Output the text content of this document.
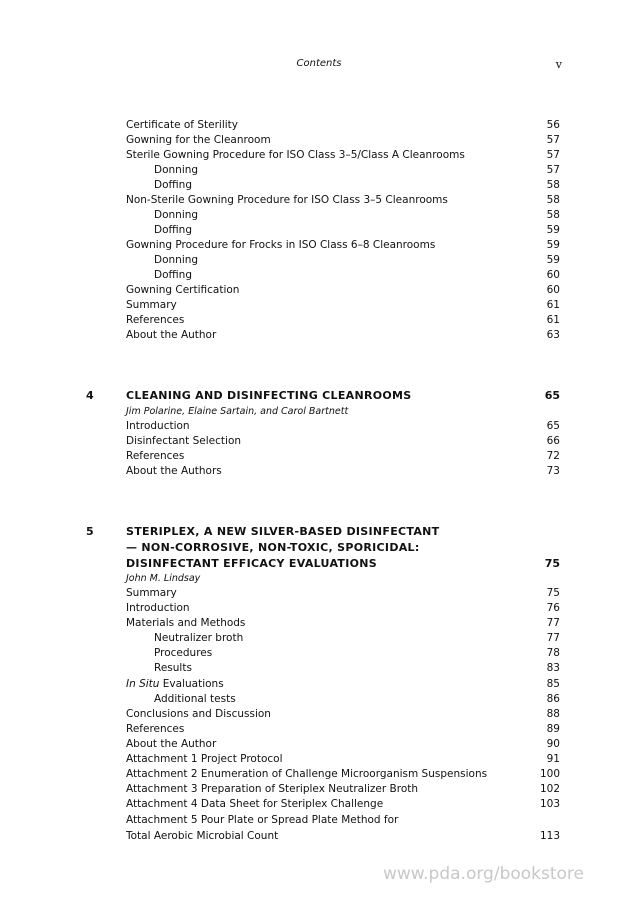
Contents	v
Certificate of Sterility	56
Gowning for the Cleanroom	57
Sterile Gowning Procedure for ISO Class 3–5/Class A Cleanrooms	57
Donning	57
Doffing	58
Non-Sterile Gowning Procedure for ISO Class 3–5 Cleanrooms	58
Donning	58
Doffing	59
Gowning Procedure for Frocks in ISO Class 6–8 Cleanrooms	59
Donning	59
Doffing	60
Gowning Certification	60
Summary	61
References	61
About the Author	63
4	CLEANING AND DISINFECTING CLEANROOMS	65
Jim Polarine, Elaine Sartain, and Carol Bartnett
Introduction	65
Disinfectant Selection	66
References	72
About the Authors	73
5	STERIPLEX, A NEW SILVER-BASED DISINFECTANT
— NON-CORROSIVE, NON-TOXIC, SPORICIDAL:
DISINFECTANT EFFICACY EVALUATIONS	75
John M. Lindsay
Summary	75
Introduction	76
Materials and Methods	77
Neutralizer broth	77
Procedures	78
Results	83
In Situ Evaluations	85
Additional tests	86
Conclusions and Discussion	88
References	89
About the Author	90
Attachment 1 Project Protocol	91
Attachment 2 Enumeration of Challenge Microorganism Suspensions	100
Attachment 3 Preparation of Steriplex Neutralizer Broth	102
Attachment 4 Data Sheet for Steriplex Challenge	103
Attachment 5 Pour Plate or Spread Plate Method for
Total Aerobic Microbial Count	113
www.pda.org/bookstore
